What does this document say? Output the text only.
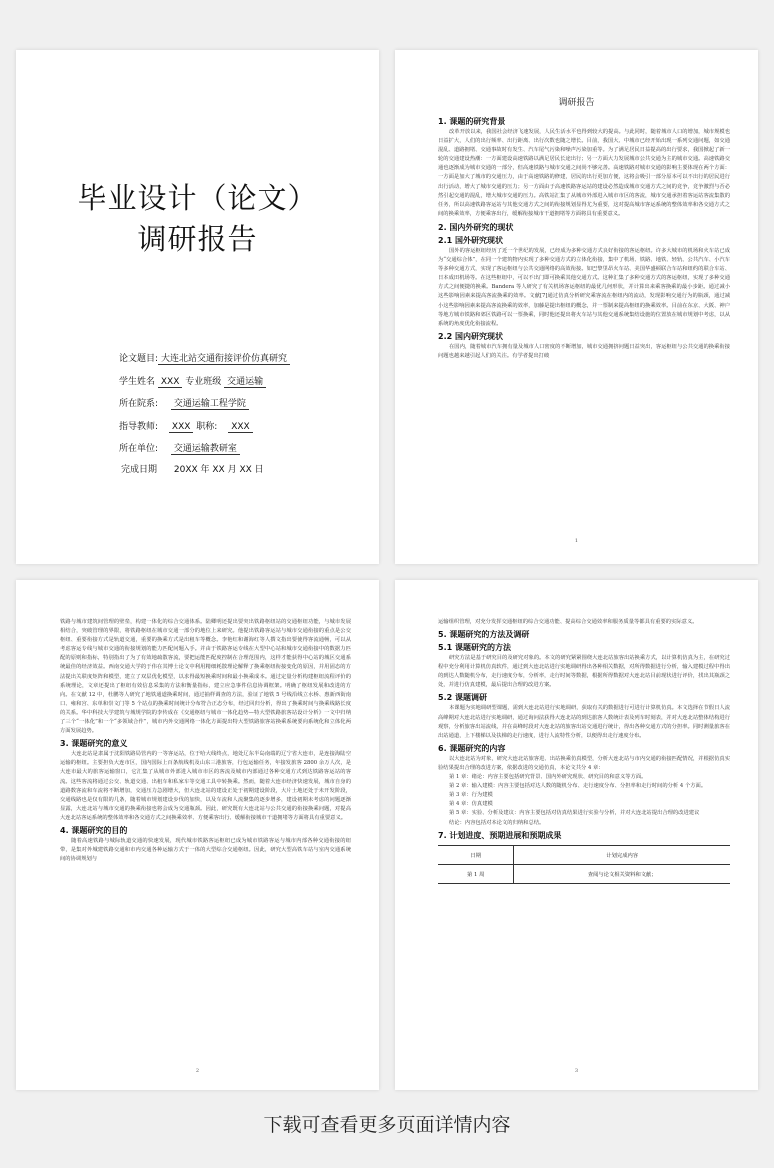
毕业设计（论文）
调研报告
论文题目: 大连北站交通衔接评价仿真研究
学生姓名 XXX 专业班级 交通运输
所在院系: 交通运输工程学院
指导教师: XXX 职称: XXX
所在单位: 交通运输教研室
完成日期 20XX 年 XX 月 XX 日
调研报告
1. 课题的研究背景

改革开放以来，我国社会经济飞速发展，人民生活水平也得到较大的提高。与此同时，随着城市人口的增加，城市规模也日益扩大，人们的出行频率、出行距离、出行次数也随之增长。目前，我国大、中城市已经开始出现一系列交通问题，如交通混乱、道路拥堵、交通事故时有发生、汽车尾气污染和噪声污染加重等。为了满足居民日益提高的出行要求，我国掀起了新一轮的交通建设热潮：一方面建设高速铁路以满足居民长途出行；另一方面大力发展城市公共交通为主的城市交通。高速铁路交通也逐渐成为城市交通的一部分，但高速铁路与城市交通之间尚不够完善。高速铁路对城市交通的影响主要体现在两个方面：一方面是加大了城市的交通压力，由于高速铁路的修建，居民的出行更加方便，这将会吸引一部分原本可以不出行的居民进行出行活动，增大了城市交通的压力；另一方面由于高速铁路客运站的建设必然造成城市交通方式之间的竞争，竞争激烈与否必然引起交通的混乱，增大城市交通的压力。高铁站汇集了从城市外部进入城市市区的客流，城市交通承担着客运站客流集散的任务，所以高速铁路客运站与其他交通方式之间的衔接规划显得尤为重要，这对提高城市客运系统的整体效率和各交通方式之间的换乘效率，方便乘客出行，缓解衔接城市干道拥堵等方面将具有重要意义。

2. 国内外研究的现状
2.1 国外研究现状

国外的客运枢纽经历了近一个世纪的发展，已经成为多种交通方式良好衔接的客运枢纽。许多大城市的机场和火车站已成为“交通综合体”，在同一个建筑物内实现了多种交通方式的立体化衔接，集中了机场、铁路、地铁、轻轨、公共汽车、小汽车等多种交通方式，实现了客运枢纽与公共交通网络的高效衔接。如巴黎里昂火车站、美国华盛顿联合车站和纽约的联合车站、日本成田机场等。在这些枢纽中，可以不出门即可换乘其他交通方式。这种汇集了多种交通方式的客运枢纽，实现了多种交通方式之间便捷的换乘。Bandera 等人研究了有关机场客运枢纽的最优几何形状，并计算出来乘客换乘的最小步距。通过减小这些影响因素来提高客流换乘的效率。文献[7]通过仿真分析研究乘客流在枢纽内的流动，发现影响交通行为的瓶颈，通过减小这些影响因素来提高客流换乘的效率，加藤是提出枢纽的概念，并一票制来提高枢纽的换乘效率。目前在东京、大阪、神户等地方城市铁路和郊区铁路可以一票换乘，同时他还提出将火车站与其他交通系统集结设施的位置放在城市规划中考虑，以从系统的角度优化衔接流程。

2.2 国内研究现状

在国内，随着城市汽车拥有量及城市人口密度的不断增加，城市交通拥挤问题日益突出，客运枢纽与公共交通的换乘衔接问题也越来越引起人们的关注。有学者提出打破

1

铁路与城市建筑间管理的壁垒，构建一体化的综合交通体系。陆卿明还提出要突出铁路枢纽站的交通枢纽功能，与城市发展相结合，突破管理的界限，将铁路枢纽在城市交通一部分的地位上来研究。他提出铁路客运站与城市交通衔接的重点是公交枢纽、重要衔接方式是轨道交通，重要的换乘方式是出租车等概念。李艳红和谢海红等人撰文指出要使得客流通畅，可以从考虑客运专线与城市交通的衔接规划的能力匹配问题入手。并由于铁路客运专线在大型中心站和城市交通衔接中的数据力匹配的原则和指标，特别指出了为了有效地疏散客流，要把运能匹配度控制在合理范围内，这样才能获得中心站的城区交通系统最佳的经济效益。西南交通大学的于伟在其博士论文中利用精细耗散理论解释了换乘枢纽衔接变化的原因，并用固态的方法提出关联度矩阵和模型，建立了双层优化模型，以求得最短换乘时间和最小换乘成本。通过定量分析构建枢纽流程评价的系统理论，文章还提出了枢纽有效信息采集的方法和衡量指标，建立应急事件信息协调框架。明确了枢纽发展和改进的方向。在文献 12 中，杜鹏等人研究了地铁通道换乘时间，通过抽样调查的方法，验证了地铁 5 号线沿线立水桥、惠新西街南口、雍和宫、东单和崇文门等 5 个站点的换乘时间统计分布符合正态分布，经过回归分析，得出了换乘时间与换乘线路长度的关系。华中科技大学建筑与城规学院的李传成在《交通枢纽与城市一体化趋势—特大型铁路旅客站设计分析》一文中归纳了三个“一体化”和一个“多领域合作”，城市内外交通网络一体化方面提出特大型铁路旅客站换乘系统要向系统化和立体化两方面发展趋势。

3. 课题研究的意义

大连北站是隶属于沈阳铁路局管内的一等客运站，位于哈大线终点，地处辽东半岛南端的辽宁省大连市，是连接海陆空运输的枢纽。主要担负大连市区，国内国际上百条航线机及山东三港旅客，行包运输任务，年接发旅客 2800 余万人次，是大连市最大的旅客运输窗口，它汇集了从城市外部进入城市市区的客流及城市内部通过各种交通方式到达铁路客运站的客流。这些客流将通过公交、轨道交通、出租车和私家车等交通工具中转换乘。然而，随着大连市经济快速发展，城市自身的道路数客流和车流将不断增加，交通压力急剧增大，但大连北站的建设正处于初期建设阶段，大片土地还处于未开发阶段，交通线路也是仅有限的几条，随着城市规划建设步伐的加快，以及车流和人流聚集的逐步增多，建设初期未考虑的问题逐渐显露，大连北站与城市交通的换乘衔接也将会成为交通瓶颈。因此，研究既有大连北站与公共交通的衔接换乘问题，对提高大连北站客运系统的整体效率和各交通方式之间换乘效率、方便乘客出行、缓解衔接城市干道拥堵等方面将具有重要意义。

4. 课题研究的目的

随着高速铁路与城际轨道交通的快速发展，现代城市铁路客运枢纽已成为城市铁路客运与城市内部各种交通衔接的纽带，是集对外城建铁路交通和市内交通各种运输方式于一体的大型综合交通枢纽。因此，研究大型高铁车站与室内交通系统间的协调规划与

2

运输组织管理，对充分发挥交通枢纽的综合交通功能、提高综合交通效率和服务质量等都具有重要的实际意义。

5. 课题研究的方法及调研
5.1 课题研究的方法

研究方法是基于研究目的及研究对象的。本文的研究紧紧围绕大连北站旅客出站换乘方式，以计算机仿真为主，在研究过程中充分利用计算机仿真软件，通过到大连北站进行实地调研得出各种相关数据，对所得数据进行分析，输入建模过程中得出的到达人数随机分布，走行速度分布，分析率，走行时间等数据，根据所得数据对大连北站目前现状进行评价，找出其瓶颈之处，并进行仿真建模，最后提出合理的改进方案。

5.2 课题调研

本课题为实地调研型课题，需到大连北站进行实地调研，获取有关的数据进行可进行计算机仿真。本文选择在节假日人流高峰期对大连北站进行实地调研，通过询问法获得大连北站的到达旅客人数统计表及列车时刻表，并对大连北站整体结构进行观察，分析旅客出站流线，并在高峰时段对大连北站的旅客出站交通进行统计，得出各种交通方式的分担率。同时测量旅客在出站通道，上下楼梯以及扶梯的走行速度，进行人流特性分析，以便得出走行速度分布。

6. 课题研究的内容

以大连北站为对象，研究大连北站旅客进、出站换乘仿真模型，分析大连北站与市内交通的衔接匹配情况，并根据仿真实验结果提出合理的改进方案，依据改进的交通仿真，本论文共分 4 章：

第 1 章：绪论：内容主要包括研究背景、国内外研究现状、研究目的和意义等方面。

第 2 章：输入建模：内容主要包括对达人数的随机分布、走行速度分布、分担率和走行时间的分析 4 个方面。

第 3 章：行为建模

第 4 章：仿真建模

第 5 章：实验、分析及建议：内容主要包括对仿真结果进行实验与分析，并对大连北站提出合理的改进建议

结论：内容包括对本论文的归纳和总结。

7. 计划进度、预期进展和预期成果
日期	计划完成内容
第 1 周	查阅与论文相关资料和文献；
3
下载可查看更多页面详情内容
